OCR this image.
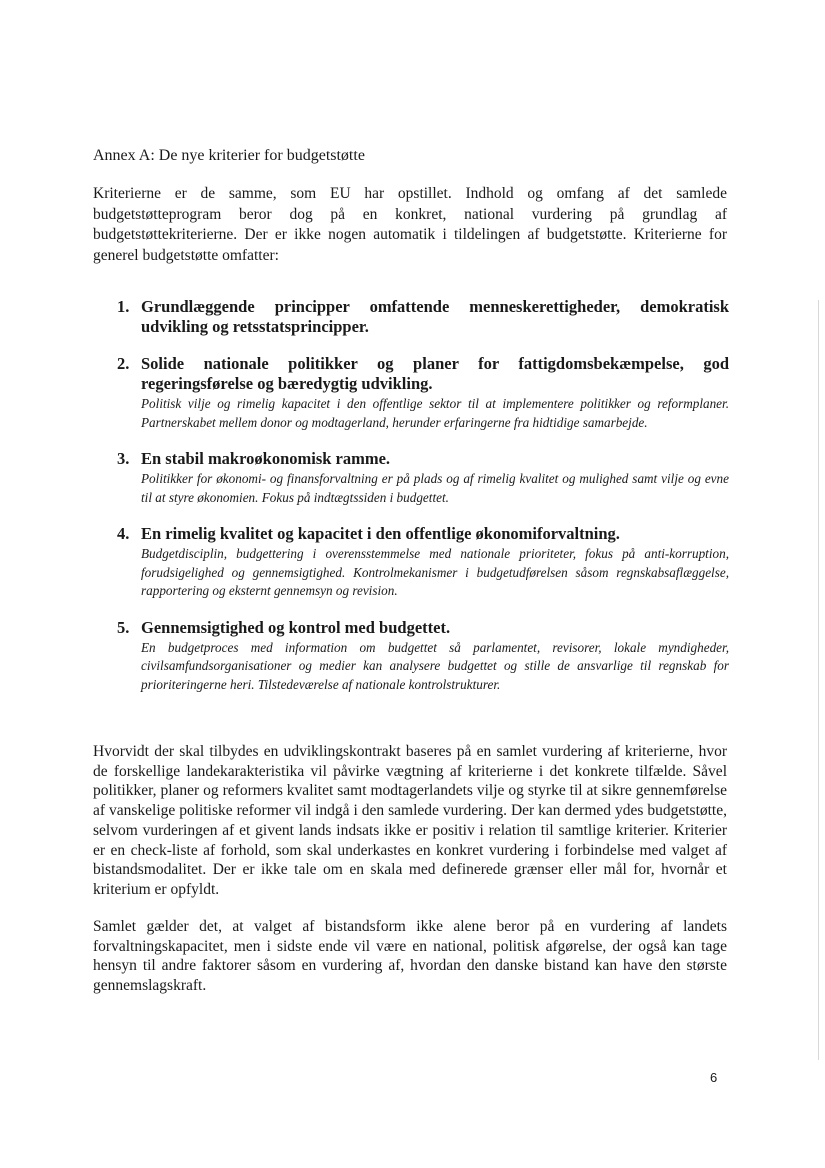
Annex A: De nye kriterier for budgetstøtte
Kriterierne er de samme, som EU har opstillet. Indhold og omfang af det samlede budgetstøtteprogram beror dog på en konkret, national vurdering på grundlag af budgetstøttekriterierne. Der er ikke nogen automatik i tildelingen af budgetstøtte. Kriterierne for generel budgetstøtte omfatter:
1. Grundlæggende principper omfattende menneskerettigheder, demokratisk udvikling og retsstatsprincipper.
2. Solide nationale politikker og planer for fattigdomsbekæmpelse, god regeringsførelse og bæredygtig udvikling.
Politisk vilje og rimelig kapacitet i den offentlige sektor til at implementere politikker og reformplaner. Partnerskabet mellem donor og modtagerland, herunder erfaringerne fra hidtidige samarbejde.
3. En stabil makroøkonomisk ramme.
Politikker for økonomi- og finansforvaltning er på plads og af rimelig kvalitet og mulighed samt vilje og evne til at styre økonomien. Fokus på indtægtssiden i budgettet.
4. En rimelig kvalitet og kapacitet i den offentlige økonomiforvaltning.
Budgetdisciplin, budgettering i overensstemmelse med nationale prioriteter, fokus på anti-korruption, forudsigelighed og gennemsigtighed. Kontrolmekanismer i budgetudførelsen såsom regnskabsaflæggelse, rapportering og eksternt gennemsyn og revision.
5. Gennemsigtighed og kontrol med budgettet.
En budgetproces med information om budgettet så parlamentet, revisorer, lokale myndigheder, civilsamfundsorganisationer og medier kan analysere budgettet og stille de ansvarlige til regnskab for prioriteringerne heri. Tilstedeværelse af nationale kontrolstrukturer.
Hvorvidt der skal tilbydes en udviklingskontrakt baseres på en samlet vurdering af kriterierne, hvor de forskellige landekarakteristika vil påvirke vægtning af kriterierne i det konkrete tilfælde. Såvel politikker, planer og reformers kvalitet samt modtagerlandets vilje og styrke til at sikre gennemførelse af vanskelige politiske reformer vil indgå i den samlede vurdering. Der kan dermed ydes budgetstøtte, selvom vurderingen af et givent lands indsats ikke er positiv i relation til samtlige kriterier. Kriterier er en check-liste af forhold, som skal underkastes en konkret vurdering i forbindelse med valget af bistandsmodalitet. Der er ikke tale om en skala med definerede grænser eller mål for, hvornår et kriterium er opfyldt.
Samlet gælder det, at valget af bistandsform ikke alene beror på en vurdering af landets forvaltningskapacitet, men i sidste ende vil være en national, politisk afgørelse, der også kan tage hensyn til andre faktorer såsom en vurdering af, hvordan den danske bistand kan have den største gennemslagskraft.
6
